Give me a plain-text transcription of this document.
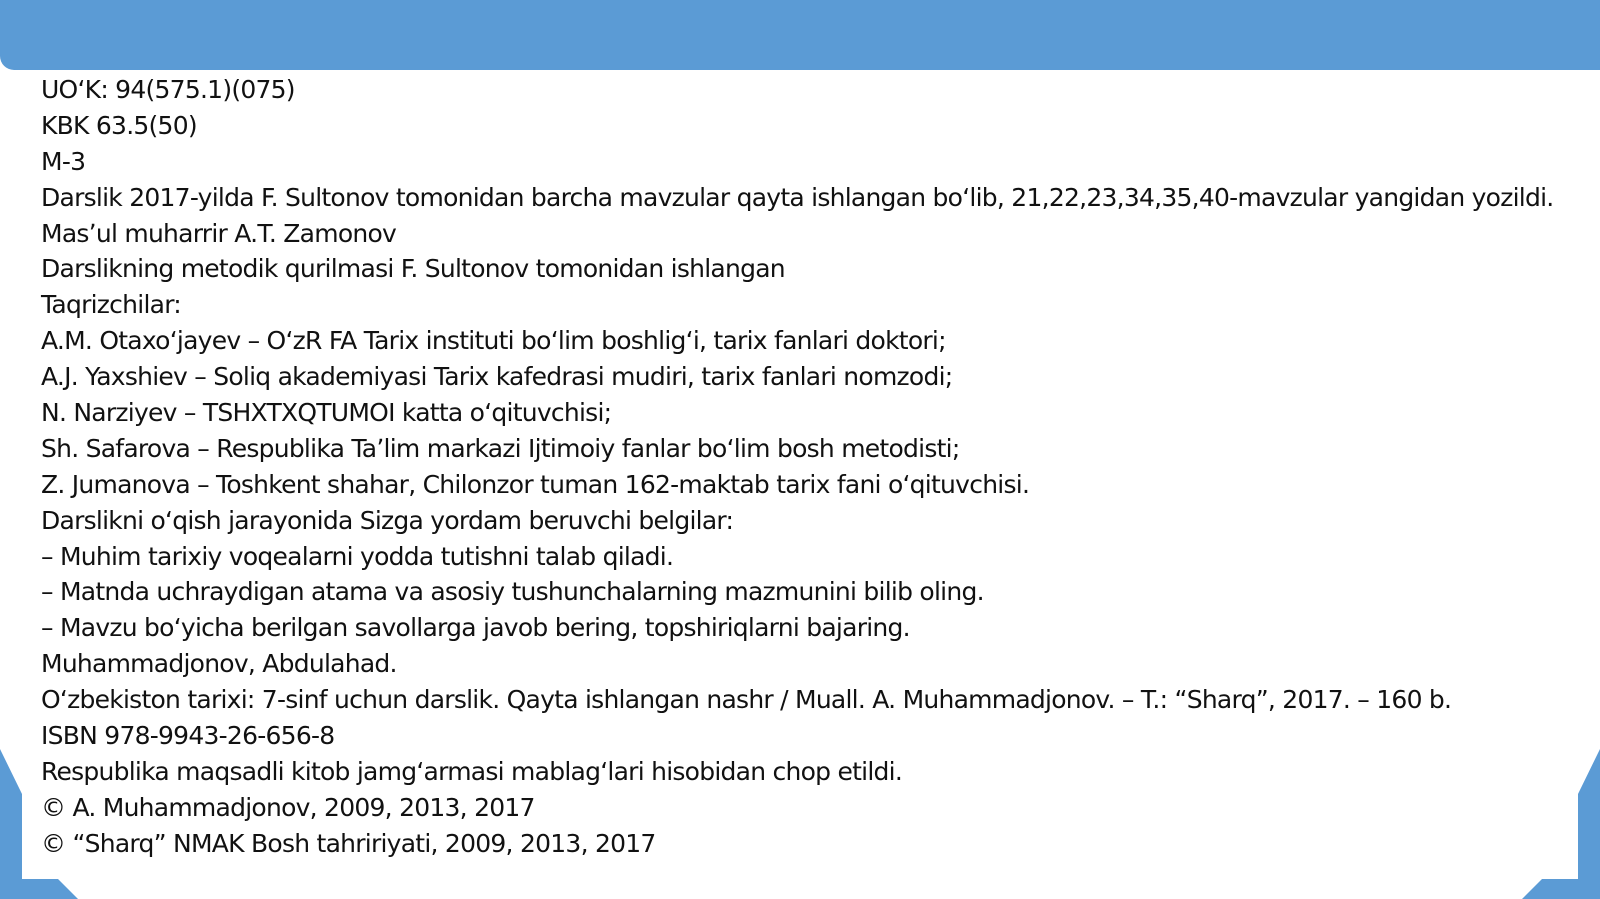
UOʻK: 94(575.1)(075)
KBK 63.5(50)
M-3
Darslik 2017-yilda F. Sultonov tomonidan barcha mavzular qayta ishlangan boʻlib, 21,22,23,34,35,40-mavzular yangidan yozildi.
Masʼul muharrir A.T. Zamonov
Darslikning metodik qurilmasi F. Sultonov tomonidan ishlangan
Taqrizchilar:
A.M. Otaxoʻjayev – OʻzR FA Tarix instituti boʻlim boshligʻi, tarix fanlari doktori;
A.J. Yaxshiev – Soliq akademiyasi Tarix kafedrasi mudiri, tarix fanlari nomzodi;
N. Narziyev – TSHXTXQTUMOI katta oʻqituvchisi;
Sh. Safarova – Respublika Taʼlim markazi Ijtimoiy fanlar boʻlim bosh metodisti;
Z. Jumanova – Toshkent shahar, Chilonzor tuman 162-maktab tarix fani oʻqituvchisi.
Darslikni oʻqish jarayonida Sizga yordam beruvchi belgilar:
– Muhim tarixiy voqealarni yodda tutishni talab qiladi.
– Matnda uchraydigan atama va asosiy tushunchalarning mazmunini bilib oling.
– Mavzu boʻyicha berilgan savollarga javob bering, topshiriqlarni bajaring.
Muhammadjonov, Abdulahad.
Oʻzbekiston tarixi: 7-sinf uchun darslik. Qayta ishlangan nashr / Muall. A. Muhammadjonov. – T.: “Sharq”, 2017. – 160 b.
ISBN 978-9943-26-656-8
Respublika maqsadli kitob jamgʻarmasi mablagʻlari hisobidan chop etildi.
© A. Muhammadjonov, 2009, 2013, 2017
© “Sharq” NMAK Bosh tahririyati, 2009, 2013, 2017
